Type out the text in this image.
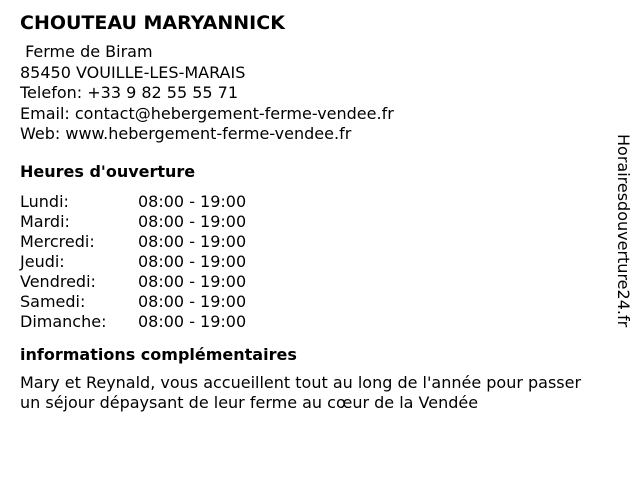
CHOUTEAU MARYANNICK
Ferme de Biram
85450 VOUILLE-LES-MARAIS
Telefon: +33 9 82 55 55 71
Email: contact@hebergement-ferme-vendee.fr
Web: www.hebergement-ferme-vendee.fr
Heures d'ouverture
Lundi:	08:00 - 19:00
Mardi:	08:00 - 19:00
Mercredi:	08:00 - 19:00
Jeudi:	08:00 - 19:00
Vendredi:	08:00 - 19:00
Samedi:	08:00 - 19:00
Dimanche:	08:00 - 19:00
informations complémentaires
Mary et Reynald, vous accueillent tout au long de l'année pour passer un séjour dépaysant de leur ferme au cœur de la Vendée
Horairesdouverture24.fr
